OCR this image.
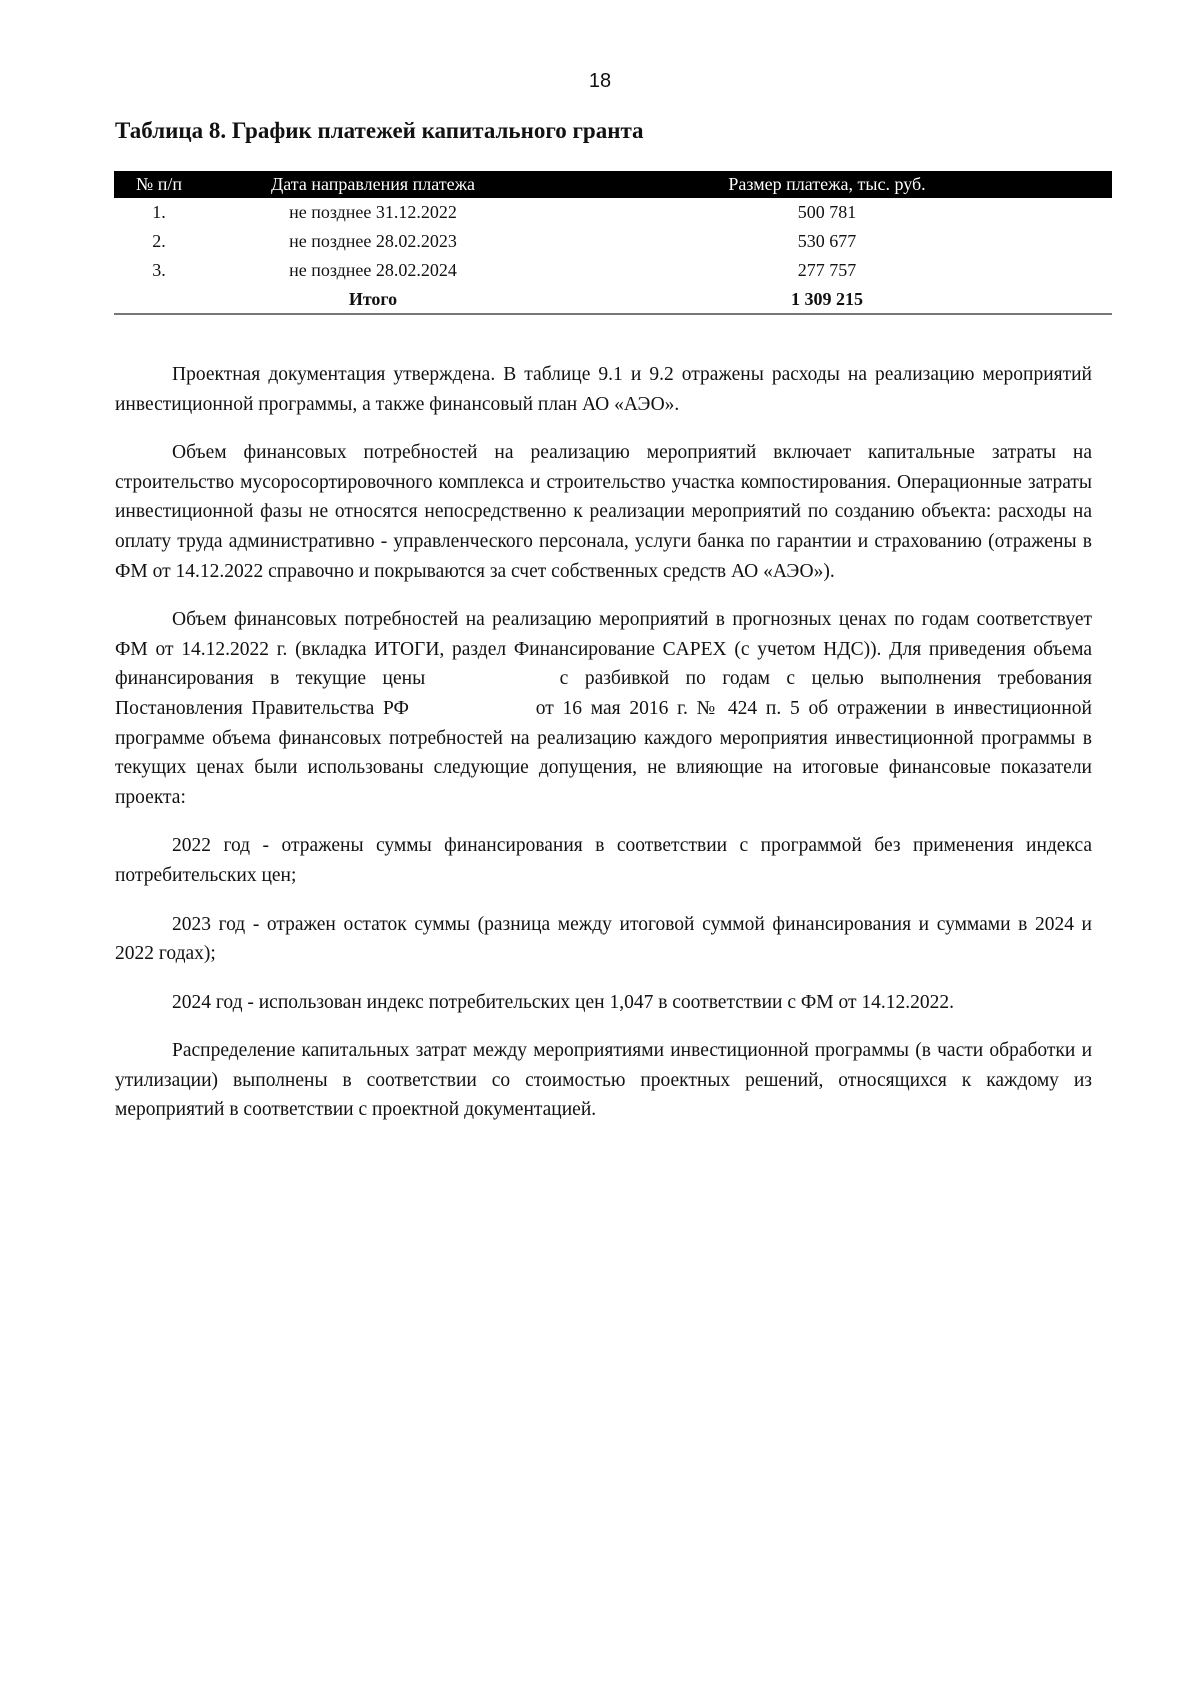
18
Таблица 8. График платежей капитального гранта
№ п/п	Дата направления платежа	Размер платежа, тыс. руб.
1.	не позднее 31.12.2022	500 781
2.	не позднее 28.02.2023	530 677
3.	не позднее 28.02.2024	277 757
	Итого	1 309 215

Проектная документация утверждена. В таблице 9.1 и 9.2 отражены расходы на реализацию мероприятий инвестиционной программы, а также финансовый план АО «АЭО».

Объем финансовых потребностей на реализацию мероприятий включает капитальные затраты на строительство мусоросортировочного комплекса и строительство участка компостирования. Операционные затраты инвестиционной фазы не относятся непосредственно к реализации мероприятий по созданию объекта: расходы на оплату труда административно - управленческого персонала, услуги банка по гарантии и страхованию (отражены в ФМ от 14.12.2022 справочно и покрываются за счет собственных средств АО «АЭО»).

Объем финансовых потребностей на реализацию мероприятий в прогнозных ценах по годам соответствует ФМ от 14.12.2022 г. (вкладка ИТОГИ, раздел Финансирование CAPEX (с учетом НДС)). Для приведения объема финансирования в текущие цены	с разбивкой по годам с целью выполнения требования Постановления Правительства РФ	от 16 мая 2016 г. № 424 п. 5 об отражении в инвестиционной программе объема финансовых потребностей на реализацию каждого мероприятия инвестиционной программы в текущих ценах были использованы следующие допущения, не влияющие на итоговые финансовые показатели проекта:

2022 год - отражены суммы финансирования в соответствии с программой без применения индекса потребительских цен;

2023 год - отражен остаток суммы (разница между итоговой суммой финансирования и суммами в 2024 и 2022 годах);

2024 год - использован индекс потребительских цен 1,047 в соответствии с ФМ от 14.12.2022.

Распределение капитальных затрат между мероприятиями инвестиционной программы (в части обработки и утилизации) выполнены в соответствии со стоимостью проектных решений, относящихся к каждому из мероприятий в соответствии с проектной документацией.
